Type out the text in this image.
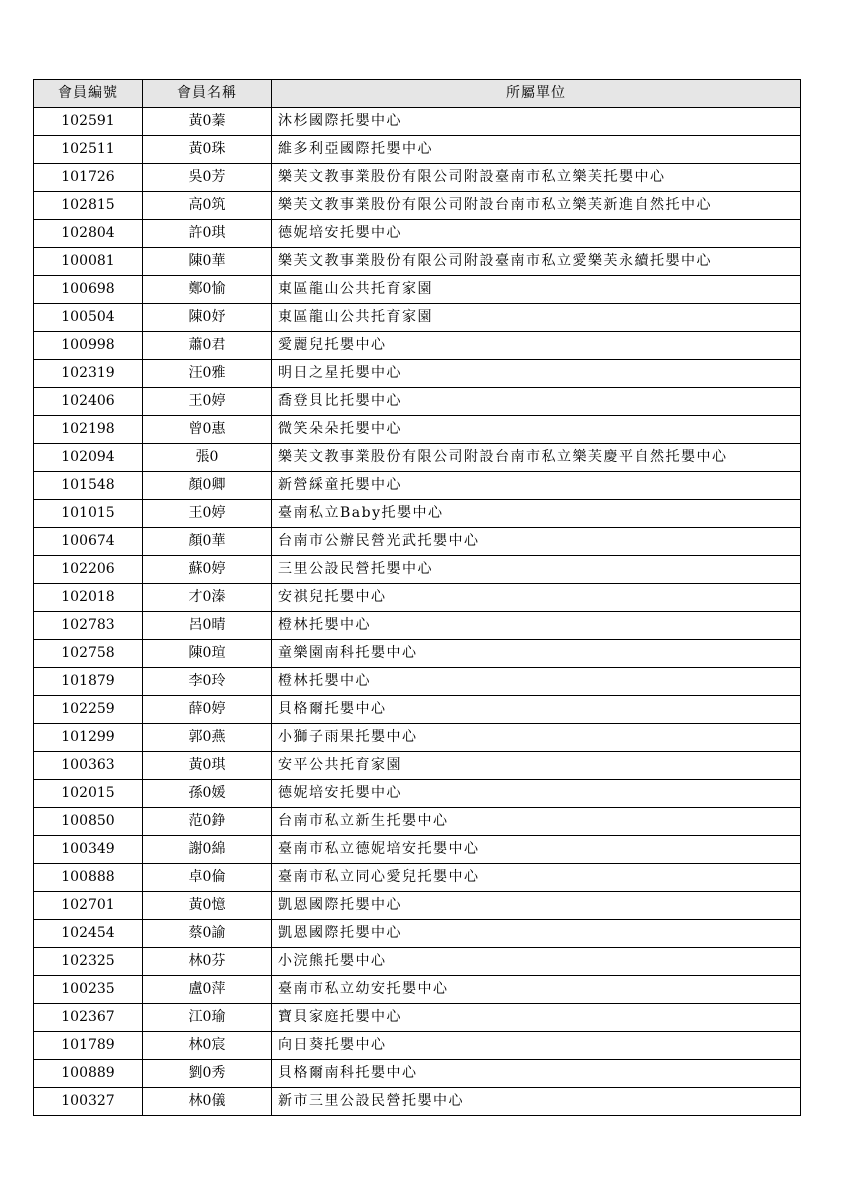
會員編號	會員名稱	所屬單位
102591	黃0蓁	沐杉國際托嬰中心
102511	黃0珠	維多利亞國際托嬰中心
101726	吳0芳	樂芙文教事業股份有限公司附設臺南市私立樂芙托嬰中心
102815	高0筑	樂芙文教事業股份有限公司附設台南市私立樂芙新進自然托中心
102804	許0琪	德妮培安托嬰中心
100081	陳0華	樂芙文教事業股份有限公司附設臺南市私立愛樂芙永續托嬰中心
100698	鄭0愉	東區龍山公共托育家園
100504	陳0妤	東區龍山公共托育家園
100998	蕭0君	愛麗兒托嬰中心
102319	汪0雅	明日之星托嬰中心
102406	王0婷	喬登貝比托嬰中心
102198	曾0惠	微笑朵朵托嬰中心
102094	張0	樂芙文教事業股份有限公司附設台南市私立樂芙慶平自然托嬰中心
101548	顏0卿	新營綵童托嬰中心
101015	王0婷	臺南私立Baby托嬰中心
100674	顏0華	台南市公辦民營光武托嬰中心
102206	蘇0婷	三里公設民營托嬰中心
102018	才0溱	安祺兒托嬰中心
102783	呂0晴	橙林托嬰中心
102758	陳0瑄	童樂園南科托嬰中心
101879	李0玲	橙林托嬰中心
102259	薛0婷	貝格爾托嬰中心
101299	郭0燕	小獅子雨果托嬰中心
100363	黃0琪	安平公共托育家園
102015	孫0媛	德妮培安托嬰中心
100850	范0錚	台南市私立新生托嬰中心
100349	謝0綿	臺南市私立德妮培安托嬰中心
100888	卓0倫	臺南市私立同心愛兒托嬰中心
102701	黃0憶	凱恩國際托嬰中心
102454	蔡0諭	凱恩國際托嬰中心
102325	林0芬	小浣熊托嬰中心
100235	盧0萍	臺南市私立幼安托嬰中心
102367	江0瑜	寶貝家庭托嬰中心
101789	林0宸	向日葵托嬰中心
100889	劉0秀	貝格爾南科托嬰中心
100327	林0儀	新市三里公設民營托嬰中心
